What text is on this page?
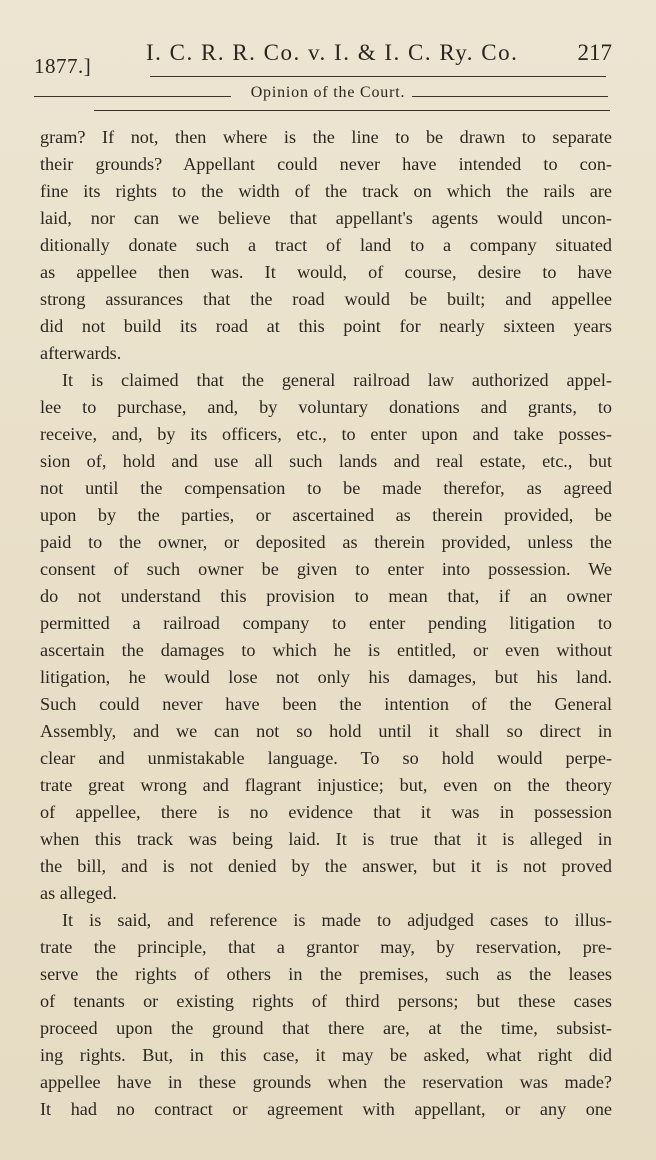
1877.]
I. C. R. R. Co. v. I. & I. C. Ry. Co.	217
Opinion of the Court.
gram? If not, then where is the line to be drawn to separate
their grounds? Appellant could never have intended to con-
fine its rights to the width of the track on which the rails are
laid, nor can we believe that appellant's agents would uncon-
ditionally donate such a tract of land to a company situated
as appellee then was. It would, of course, desire to have
strong assurances that the road would be built; and appellee
did not build its road at this point for nearly sixteen years
afterwards.
It is claimed that the general railroad law authorized appel-
lee to purchase, and, by voluntary donations and grants, to
receive, and, by its officers, etc., to enter upon and take posses-
sion of, hold and use all such lands and real estate, etc., but
not until the compensation to be made therefor, as agreed
upon by the parties, or ascertained as therein provided, be
paid to the owner, or deposited as therein provided, unless the
consent of such owner be given to enter into possession. We
do not understand this provision to mean that, if an owner
permitted a railroad company to enter pending litigation to
ascertain the damages to which he is entitled, or even without
litigation, he would lose not only his damages, but his land.
Such could never have been the intention of the General
Assembly, and we can not so hold until it shall so direct in
clear and unmistakable language. To so hold would perpe-
trate great wrong and flagrant injustice; but, even on the theory
of appellee, there is no evidence that it was in possession
when this track was being laid. It is true that it is alleged in
the bill, and is not denied by the answer, but it is not proved
as alleged.
It is said, and reference is made to adjudged cases to illus-
trate the principle, that a grantor may, by reservation, pre-
serve the rights of others in the premises, such as the leases
of tenants or existing rights of third persons; but these cases
proceed upon the ground that there are, at the time, subsist-
ing rights. But, in this case, it may be asked, what right did
appellee have in these grounds when the reservation was made?
It had no contract or agreement with appellant, or any one
